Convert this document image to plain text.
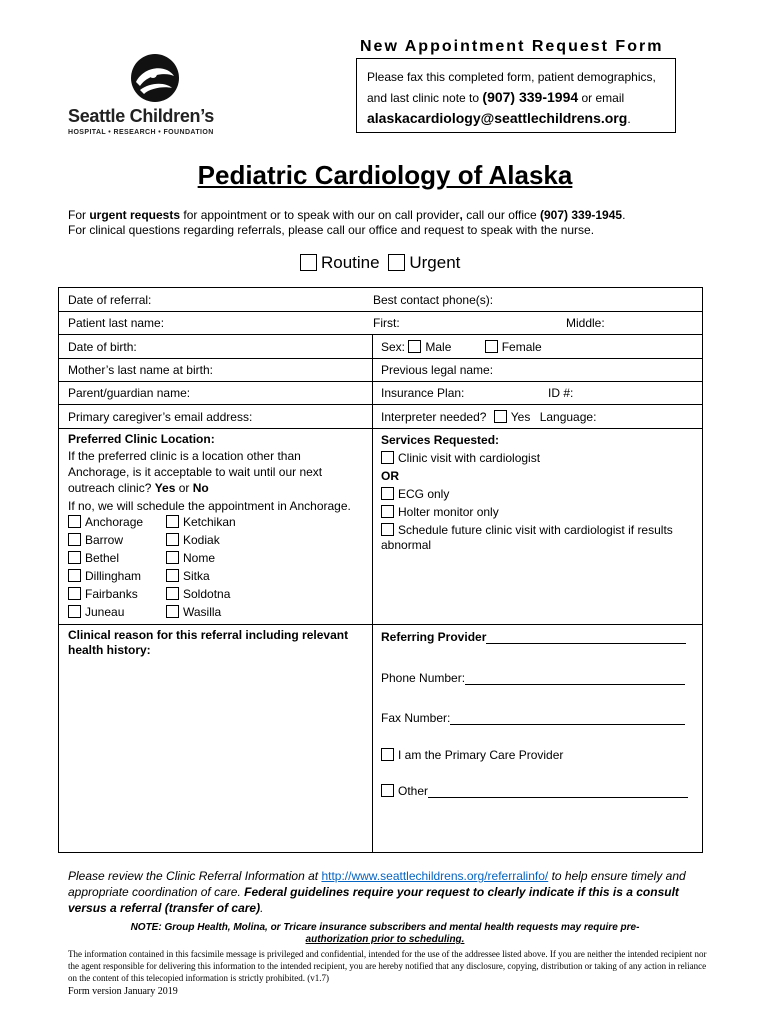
New Appointment Request Form
Please fax this completed form, patient demographics,
and last clinic note to (907) 339-1994 or email
alaskacardiology@seattlechildrens.org.
Seattle Children’s
HOSPITAL • RESEARCH • FOUNDATION
Pediatric Cardiology of Alaska
For urgent requests for appointment or to speak with our on call provider, call our office (907) 339-1945.
For clinical questions regarding referrals, please call our office and request to speak with the nurse.
Routine Urgent
Date of referral:	Best contact phone(s):
Patient last name:	First:	Middle:
Date of birth:	Sex: Male	Female
Mother’s last name at birth:	Previous legal name:
Parent/guardian name:	Insurance Plan:	ID #:
Primary caregiver’s email address:	Interpreter needed? Yes Language:
Preferred Clinic Location:
If the preferred clinic is a location other than
Anchorage, is it acceptable to wait until our next
outreach clinic? Yes or No
If no, we will schedule the appointment in Anchorage.
Anchorage	Ketchikan
Barrow	Kodiak
Bethel	Nome
Dillingham	Sitka
Fairbanks	Soldotna
Juneau	Wasilla
Services Requested:
Clinic visit with cardiologist
OR
ECG only
Holter monitor only
Schedule future clinic visit with cardiologist if results
abnormal
Clinical reason for this referral including relevant
health history:
Referring Provider
Phone Number:
Fax Number:
I am the Primary Care Provider
Other
Please review the Clinic Referral Information at http://www.seattlechildrens.org/referralinfo/ to help ensure timely and appropriate coordination of care. Federal guidelines require your request to clearly indicate if this is a consult versus a referral (transfer of care).
NOTE: Group Health, Molina, or Tricare insurance subscribers and mental health requests may require pre-
authorization prior to scheduling.
The information contained in this facsimile message is privileged and confidential, intended for the use of the addressee listed above. If you are neither the intended recipient nor the agent responsible for delivering this information to the intended recipient, you are hereby notified that any disclosure, copying, distribution or taking of any action in reliance on the content of this telecopied information is strictly prohibited. (v1.7)
Form version January 2019
